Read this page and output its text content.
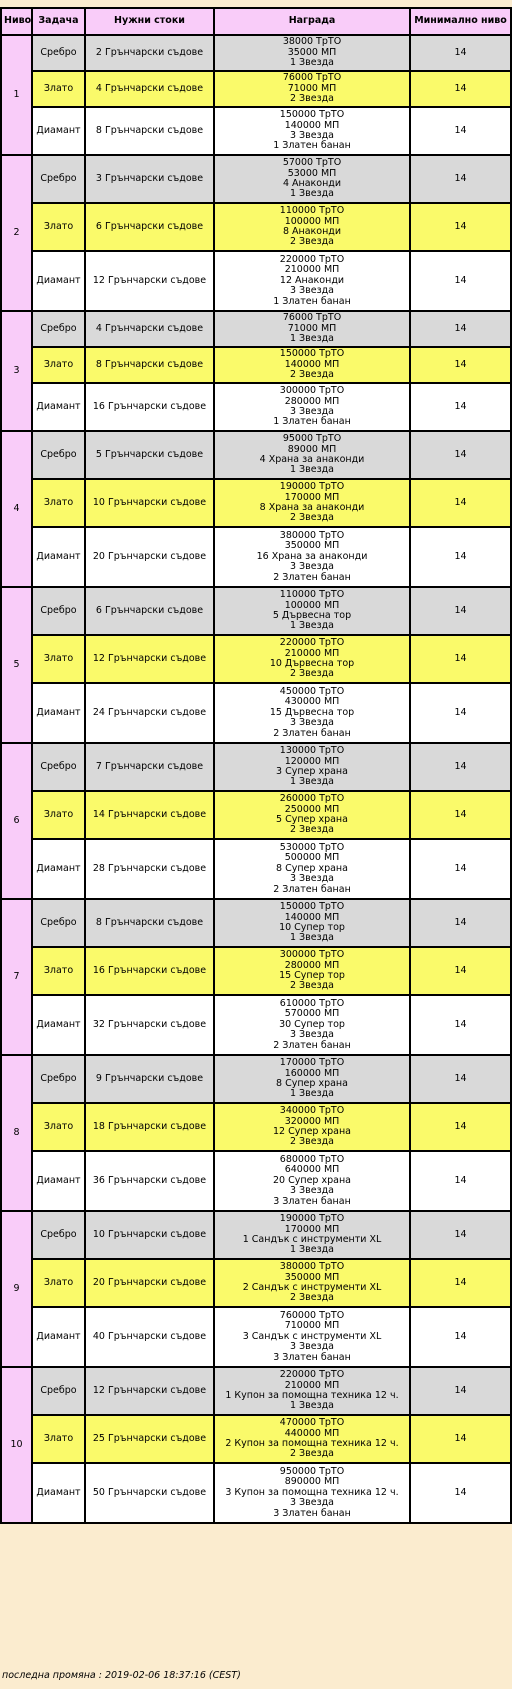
Ниво	Задача	Нужни стоки	Награда	Минимално ниво
1	Сребро	2 Грънчарски съдове	38000 ТрТО
35000 МП
1 Звезда	14
	Злато	4 Грънчарски съдове	76000 ТрТО
71000 МП
2 Звезда	14
	Диамант	8 Грънчарски съдове	150000 ТрТО
140000 МП
3 Звезда
1 Златен банан	14
2	Сребро	3 Грънчарски съдове	57000 ТрТО
53000 МП
4 Анаконди
1 Звезда	14
	Злато	6 Грънчарски съдове	110000 ТрТО
100000 МП
8 Анаконди
2 Звезда	14
	Диамант	12 Грънчарски съдове	220000 ТрТО
210000 МП
12 Анаконди
3 Звезда
1 Златен банан	14
3	Сребро	4 Грънчарски съдове	76000 ТрТО
71000 МП
1 Звезда	14
	Злато	8 Грънчарски съдове	150000 ТрТО
140000 МП
2 Звезда	14
	Диамант	16 Грънчарски съдове	300000 ТрТО
280000 МП
3 Звезда
1 Златен банан	14
4	Сребро	5 Грънчарски съдове	95000 ТрТО
89000 МП
4 Храна за анаконди
1 Звезда	14
	Злато	10 Грънчарски съдове	190000 ТрТО
170000 МП
8 Храна за анаконди
2 Звезда	14
	Диамант	20 Грънчарски съдове	380000 ТрТО
350000 МП
16 Храна за анаконди
3 Звезда
2 Златен банан	14
5	Сребро	6 Грънчарски съдове	110000 ТрТО
100000 МП
5 Дървесна тор
1 Звезда	14
	Злато	12 Грънчарски съдове	220000 ТрТО
210000 МП
10 Дървесна тор
2 Звезда	14
	Диамант	24 Грънчарски съдове	450000 ТрТО
430000 МП
15 Дървесна тор
3 Звезда
2 Златен банан	14
6	Сребро	7 Грънчарски съдове	130000 ТрТО
120000 МП
3 Супер храна
1 Звезда	14
	Злато	14 Грънчарски съдове	260000 ТрТО
250000 МП
5 Супер храна
2 Звезда	14
	Диамант	28 Грънчарски съдове	530000 ТрТО
500000 МП
8 Супер храна
3 Звезда
2 Златен банан	14
7	Сребро	8 Грънчарски съдове	150000 ТрТО
140000 МП
10 Супер тор
1 Звезда	14
	Злато	16 Грънчарски съдове	300000 ТрТО
280000 МП
15 Супер тор
2 Звезда	14
	Диамант	32 Грънчарски съдове	610000 ТрТО
570000 МП
30 Супер тор
3 Звезда
2 Златен банан	14
8	Сребро	9 Грънчарски съдове	170000 ТрТО
160000 МП
8 Супер храна
1 Звезда	14
	Злато	18 Грънчарски съдове	340000 ТрТО
320000 МП
12 Супер храна
2 Звезда	14
	Диамант	36 Грънчарски съдове	680000 ТрТО
640000 МП
20 Супер храна
3 Звезда
3 Златен банан	14
9	Сребро	10 Грънчарски съдове	190000 ТрТО
170000 МП
1 Сандък с инструменти XL
1 Звезда	14
	Злато	20 Грънчарски съдове	380000 ТрТО
350000 МП
2 Сандък с инструменти XL
2 Звезда	14
	Диамант	40 Грънчарски съдове	760000 ТрТО
710000 МП
3 Сандък с инструменти XL
3 Звезда
3 Златен банан	14
10	Сребро	12 Грънчарски съдове	220000 ТрТО
210000 МП
1 Купон за помощна техника 12 ч.
1 Звезда	14
	Злато	25 Грънчарски съдове	470000 ТрТО
440000 МП
2 Купон за помощна техника 12 ч.
2 Звезда	14
	Диамант	50 Грънчарски съдове	950000 ТрТО
890000 МП
3 Купон за помощна техника 12 ч.
3 Звезда
3 Златен банан	14
последна промяна : 2019-02-06 18:37:16 (CEST)
